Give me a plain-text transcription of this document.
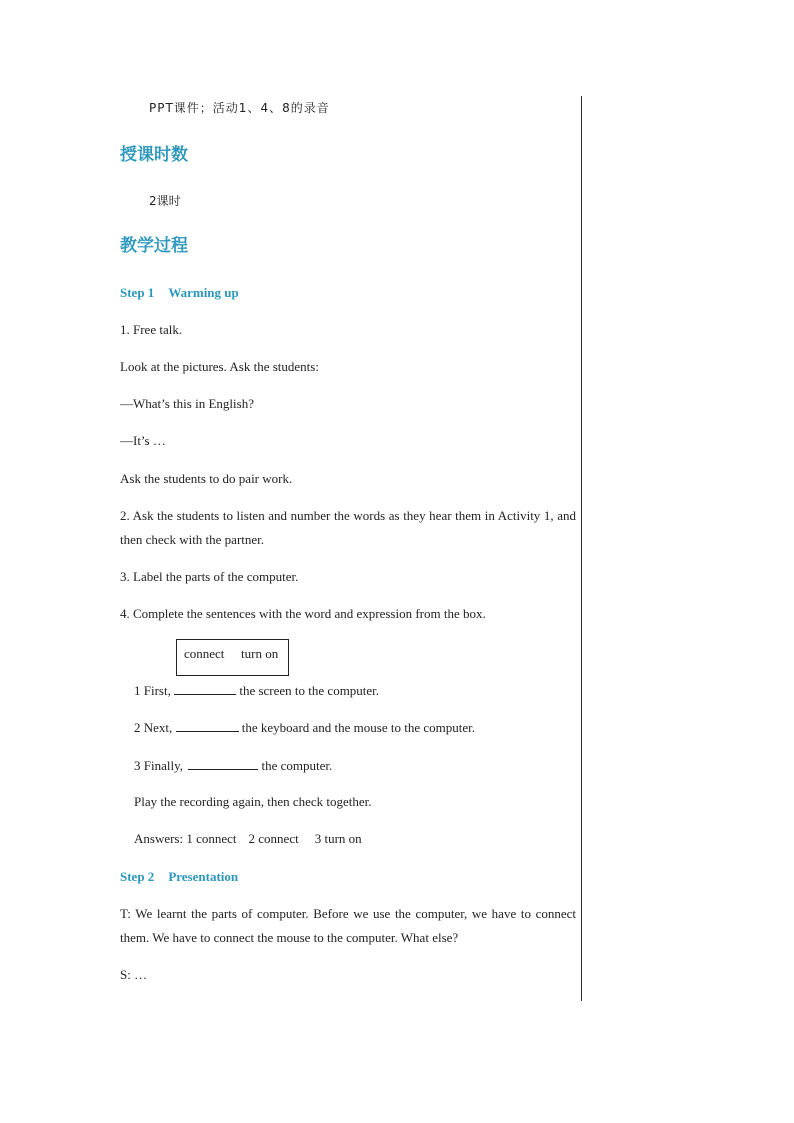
PPT课件；活动1、4、8的录音
授课时数
2课时
教学过程
Step 1 Warming up
1. Free talk.
Look at the pictures. Ask the students:
—What’s this in English?
—It’s …
Ask the students to do pair work.
2. Ask the students to listen and number the words as they hear them in Activity 1, and then check with the partner.
3. Label the parts of the computer.
4. Complete the sentences with the word and expression from the box.
connect turn on
1 First,	the screen to the computer.
2 Next,	the keyboard and the mouse to the computer.
3 Finally,	the computer.
Play the recording again, then check together.
Answers: 1 connect 2 connect 3 turn on
Step 2 Presentation
T: We learnt the parts of computer. Before we use the computer, we have to connect them. We have to connect the mouse to the computer. What else?
S: …
